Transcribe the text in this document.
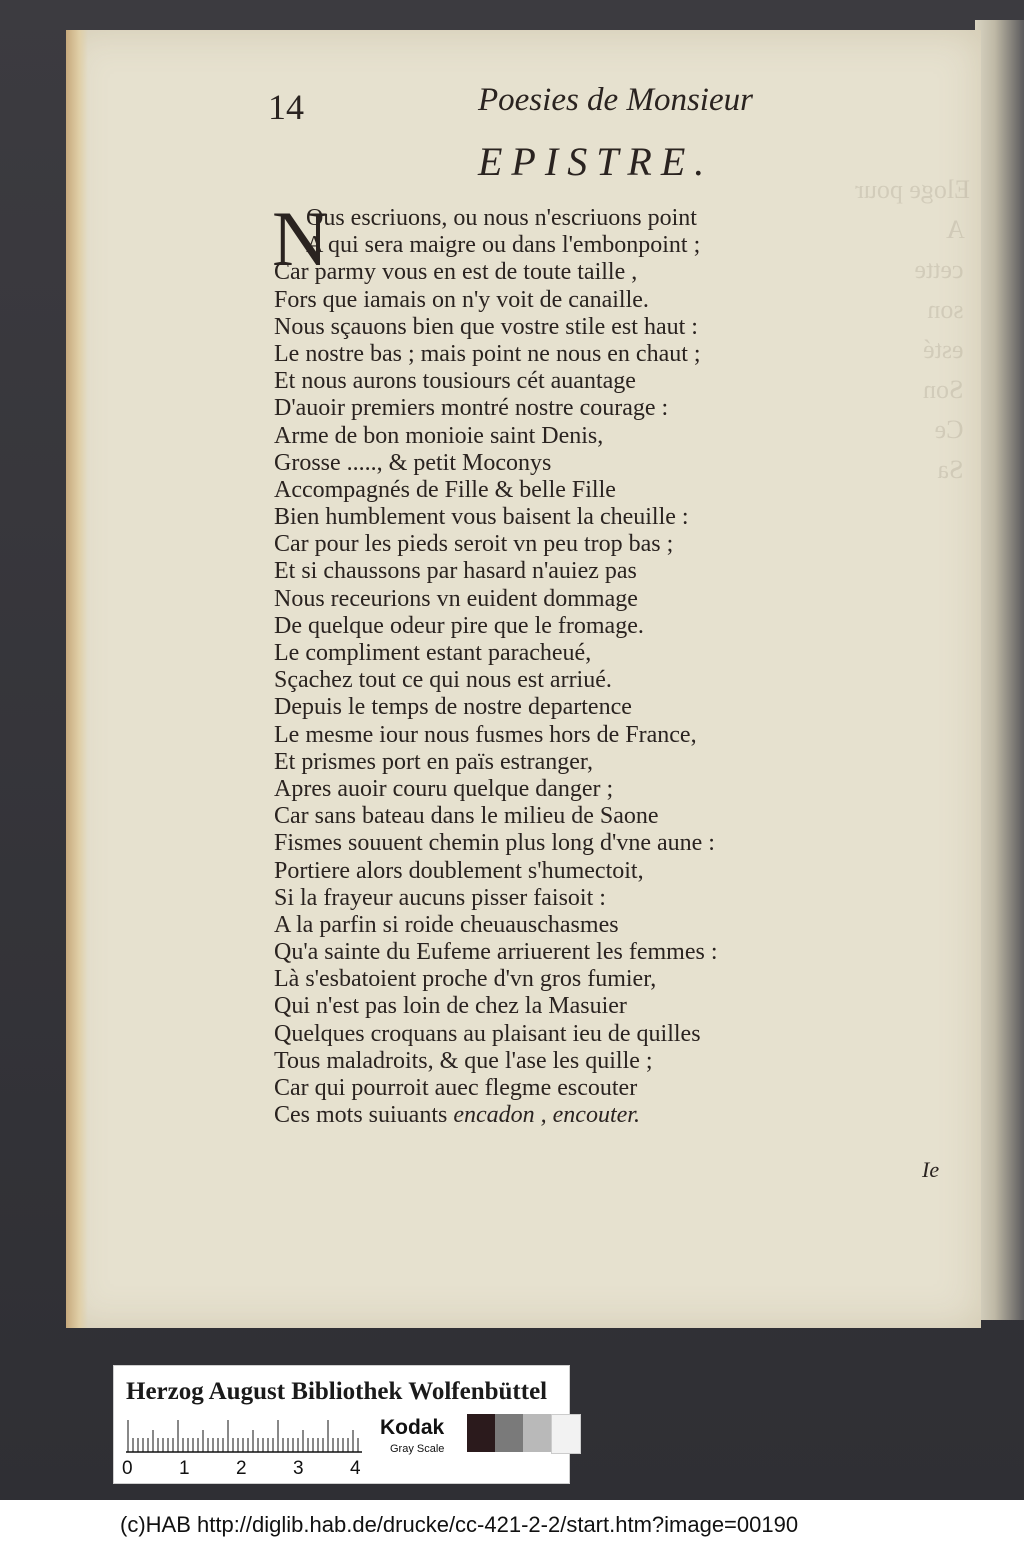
14	Poesies de Monsieur
EPISTRE.
N
Ous escriuons, ou nous n'escriuons point
A qui sera maigre ou dans l'embonpoint ;
Car parmy vous en est de toute taille ,
Fors que iamais on n'y voit de canaille.
Nous sçauons bien que vostre stile est haut :
Le nostre bas ; mais point ne nous en chaut ;
Et nous aurons tousiours cét auantage
D'auoir premiers montré nostre courage :
Arme de bon monioie saint Denis,
Grosse ....., & petit Moconys
Accompagnés de Fille & belle Fille
Bien humblement vous baisent la cheuille :
Car pour les pieds seroit vn peu trop bas ;
Et si chaussons par hasard n'auiez pas
Nous receurions vn euident dommage
De quelque odeur pire que le fromage.
Le compliment estant paracheué,
Sçachez tout ce qui nous est arriué.
Depuis le temps de nostre departence
Le mesme iour nous fusmes hors de France,
Et prismes port en païs estranger,
Apres auoir couru quelque danger ;
Car sans bateau dans le milieu de Saone
Fismes souuent chemin plus long d'vne aune :
Portiere alors doublement s'humectoit,
Si la frayeur aucuns pisser faisoit :
A la parfin si roide cheuauschasmes
Qu'a sainte du Eufeme arriuerent les femmes :
Là s'esbatoient proche d'vn gros fumier,
Qui n'est pas loin de chez la Masuier
Quelques croquans au plaisant ieu de quilles
Tous maladroits, & que l'ase les quille ;
Car qui pourroit auec flegme escouter
Ces mots suiuants encadon , encouter.
Ie
Herzog August Bibliothek Wolfenbüttel
0 1 2 3 4
Kodak
Gray Scale
(c)HAB http://diglib.hab.de/drucke/cc-421-2-2/start.htm?image=00190
